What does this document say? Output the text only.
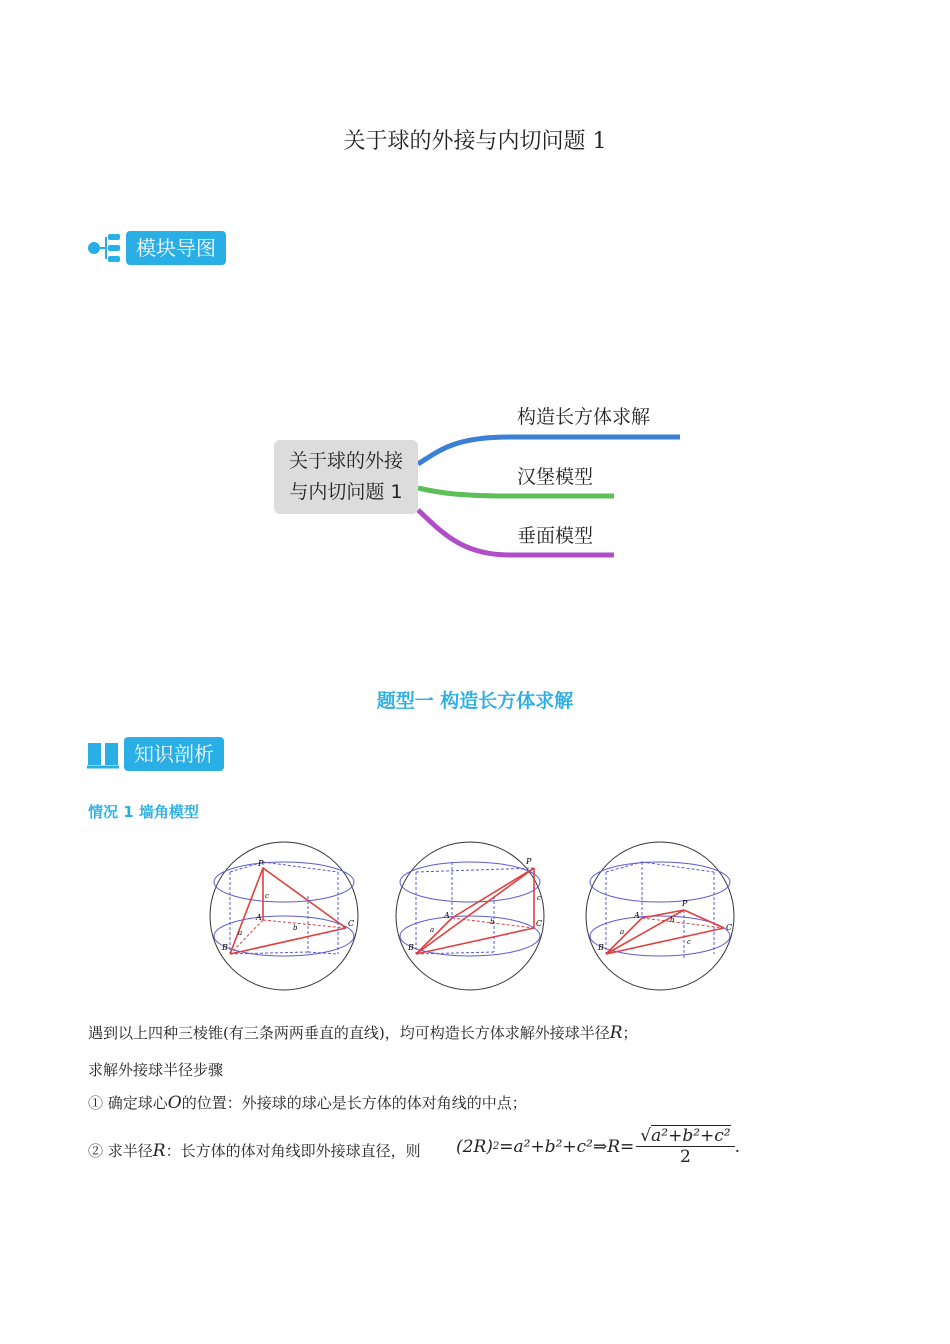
关于球的外接与内切问题 1
模块导图
关于球的外接
与内切问题 1
构造长方体求解
汉堡模型
垂面模型
题型一 构造长方体求解
知识剖析
情况 1 墙角模型
P
A
B
C
a
b
c
P
A
B
C
a
b
c
P
A
B
C
a
b
c
遇到以上四种三棱锥(有三条两两垂直的直线)，均可构造长方体求解外接球半径R；
求解外接球半径步骤
① 确定球心O的位置：外接球的球心是长方体的体对角线的中点；
② 求半径R：长方体的体对角线即外接球直径，则 (2R) 2 =a²+b²+c²⇒ $R= \frac{\text{√a²+b²+c²}}{2}$ .
